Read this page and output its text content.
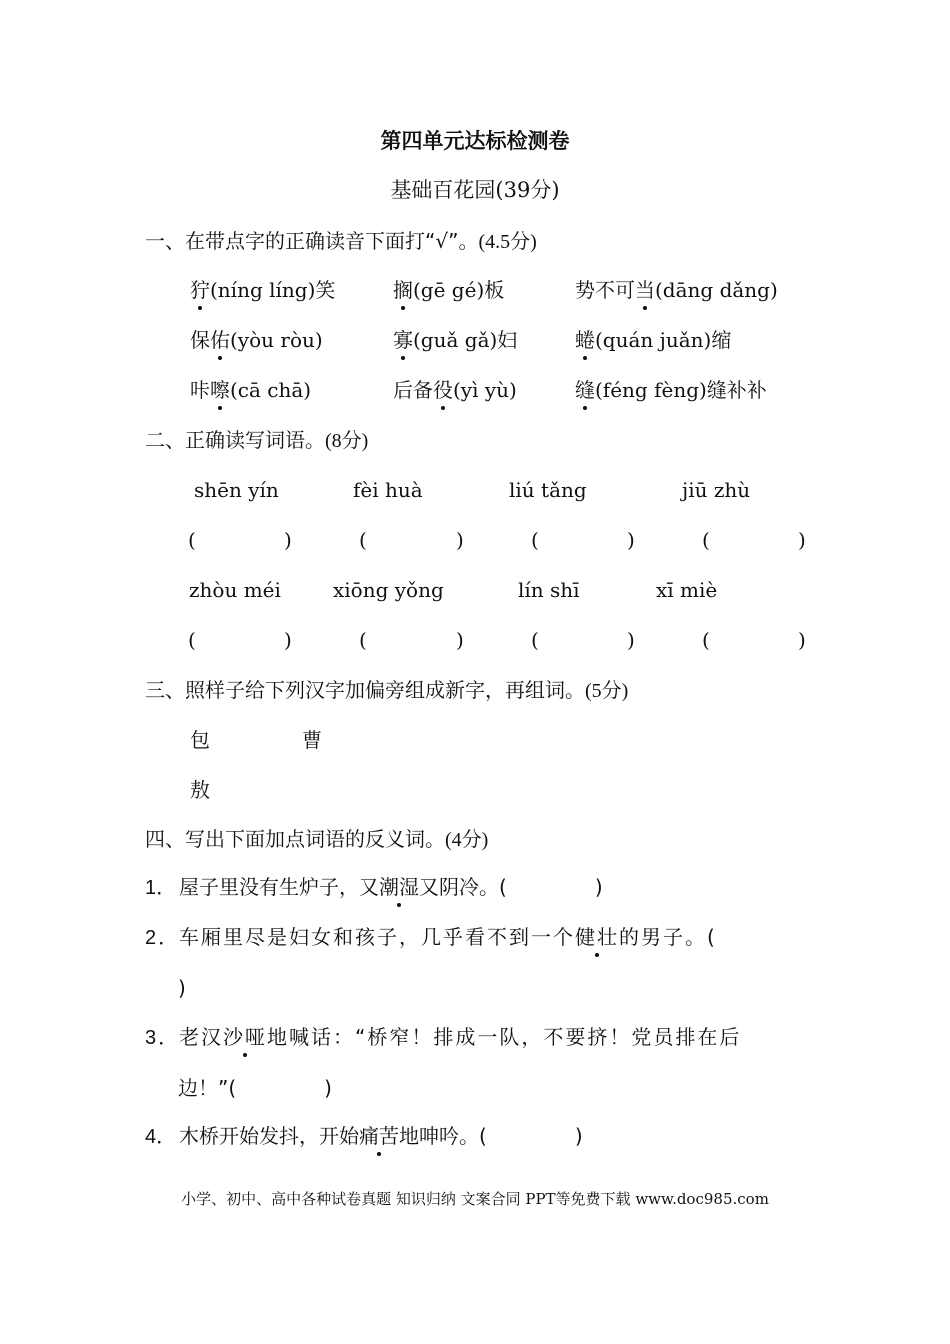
第四单元达标检测卷
基础百花园(39分)
一、在带点字的正确读音下面打“√”。(4.5分)
狞(níng líng)笑	搁(gē gé)板	势不可当(dāng dǎng)
保佑(yòu ròu)	寡(guǎ gǎ)妇	蜷(quán juǎn)缩
咔嚓(cā chā)	后备役(yì yù)	缝(féng fèng)缝补补
二、正确读写词语。(8分)
shēn yín	fèi huà	liú tǎng	jiū zhù
(	)	(	)	(	)	(	)
zhòu méi	xiōng yǒng	lín shī	xī miè
(	)	(	)	(	)	(	)
三、照样子给下列汉字加偏旁组成新字，再组词。(5分)
包	曹
敖
四、写出下面加点词语的反义词。(4分)
1． 屋子里没有生炉子，又潮湿又阴冷。(	)
2．车厢里尽是妇女和孩子，几乎看不到一个健壮的男子。(
)
3．老汉沙哑地喊话：“桥窄！排成一队，不要挤！党员排在后
边！”(	)
4． 木桥开始发抖，开始痛苦地呻吟。(	)
小学、初中、高中各种试卷真题 知识归纳 文案合同 PPT等免费下载 www.doc985.com
